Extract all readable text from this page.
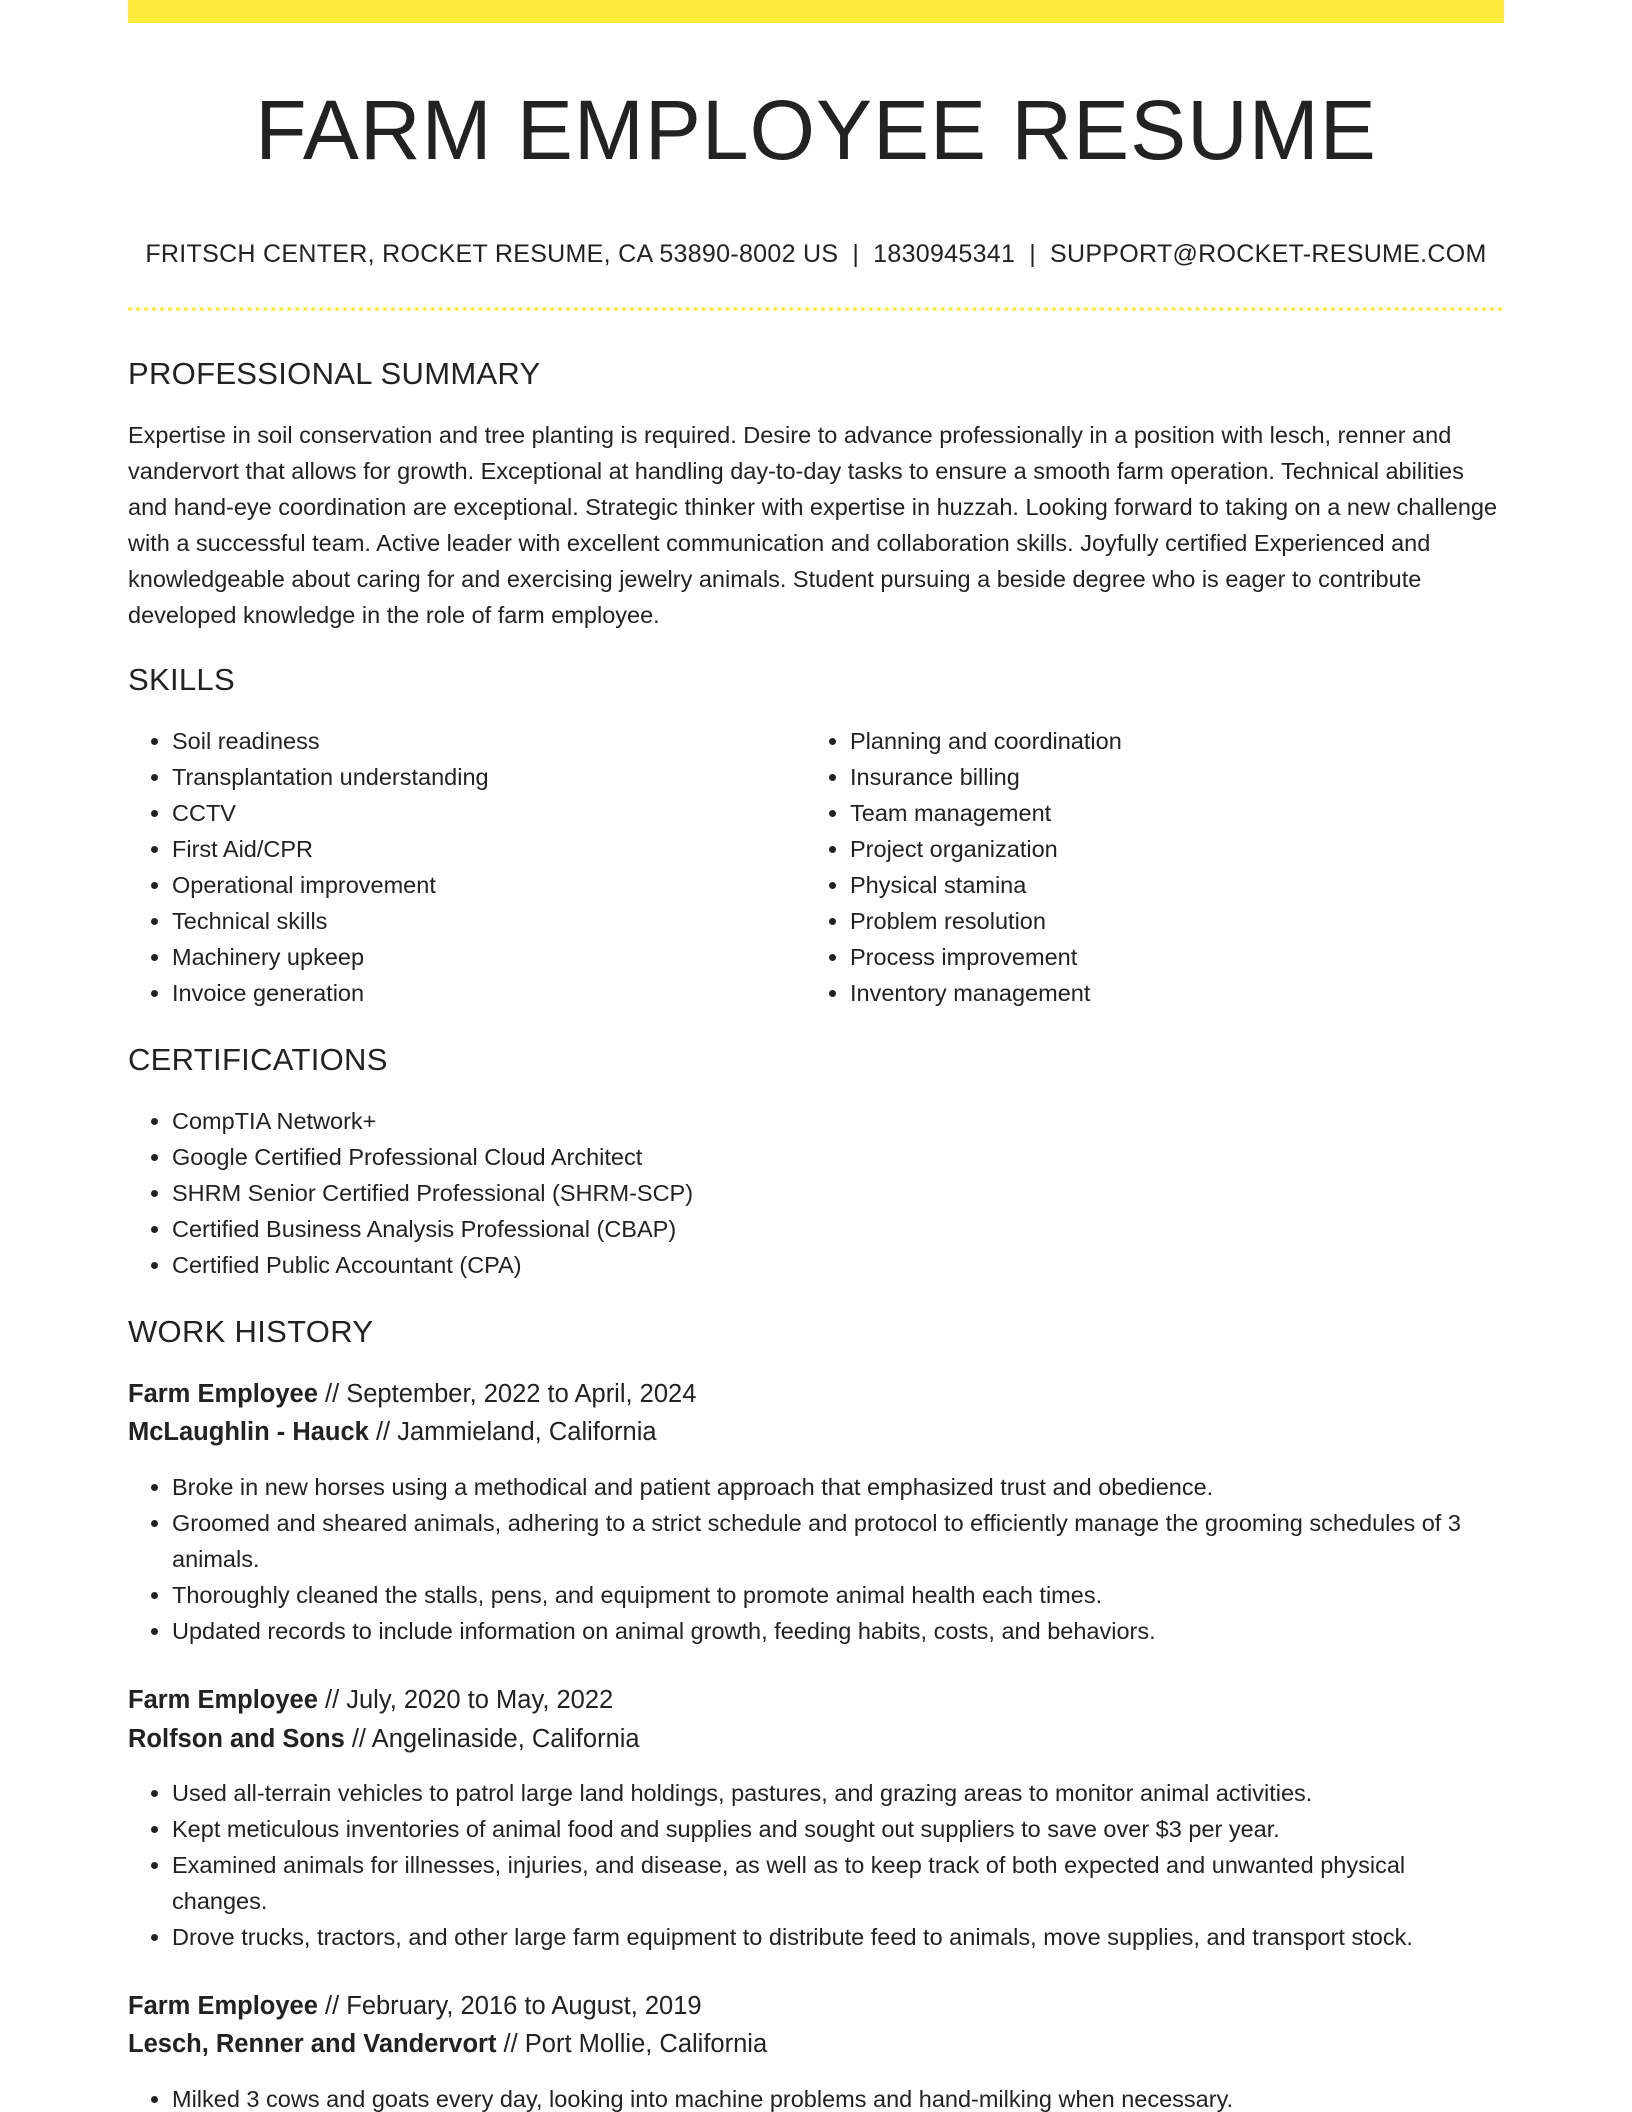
FARM EMPLOYEE RESUME
FRITSCH CENTER, ROCKET RESUME, CA 53890-8002 US | 1830945341 | SUPPORT@ROCKET-RESUME.COM
PROFESSIONAL SUMMARY

Expertise in soil conservation and tree planting is required. Desire to advance professionally in a position with lesch, renner and vandervort that allows for growth. Exceptional at handling day-to-day tasks to ensure a smooth farm operation. Technical abilities and hand-eye coordination are exceptional. Strategic thinker with expertise in huzzah. Looking forward to taking on a new challenge with a successful team. Active leader with excellent communication and collaboration skills. Joyfully certified Experienced and knowledgeable about caring for and exercising jewelry animals. Student pursuing a beside degree who is eager to contribute developed knowledge in the role of farm employee.

SKILLS
• Soil readiness
• Transplantation understanding
• CCTV
• First Aid/CPR
• Operational improvement
• Technical skills
• Machinery upkeep
• Invoice generation
• Planning and coordination
• Insurance billing
• Team management
• Project organization
• Physical stamina
• Problem resolution
• Process improvement
• Inventory management
CERTIFICATIONS
• CompTIA Network+
• Google Certified Professional Cloud Architect
• SHRM Senior Certified Professional (SHRM-SCP)
• Certified Business Analysis Professional (CBAP)
• Certified Public Accountant (CPA)
WORK HISTORY
Farm Employee // September, 2022 to April, 2024
McLaughlin - Hauck // Jammieland, California
• Broke in new horses using a methodical and patient approach that emphasized trust and obedience.
• Groomed and sheared animals, adhering to a strict schedule and protocol to efficiently manage the grooming schedules of 3 animals.
• Thoroughly cleaned the stalls, pens, and equipment to promote animal health each times.
• Updated records to include information on animal growth, feeding habits, costs, and behaviors.
Farm Employee // July, 2020 to May, 2022
Rolfson and Sons // Angelinaside, California
• Used all-terrain vehicles to patrol large land holdings, pastures, and grazing areas to monitor animal activities.
• Kept meticulous inventories of animal food and supplies and sought out suppliers to save over $3 per year.
• Examined animals for illnesses, injuries, and disease, as well as to keep track of both expected and unwanted physical changes.
• Drove trucks, tractors, and other large farm equipment to distribute feed to animals, move supplies, and transport stock.
Farm Employee // February, 2016 to August, 2019
Lesch, Renner and Vandervort // Port Mollie, California
• Milked 3 cows and goats every day, looking into machine problems and hand-milking when necessary.
